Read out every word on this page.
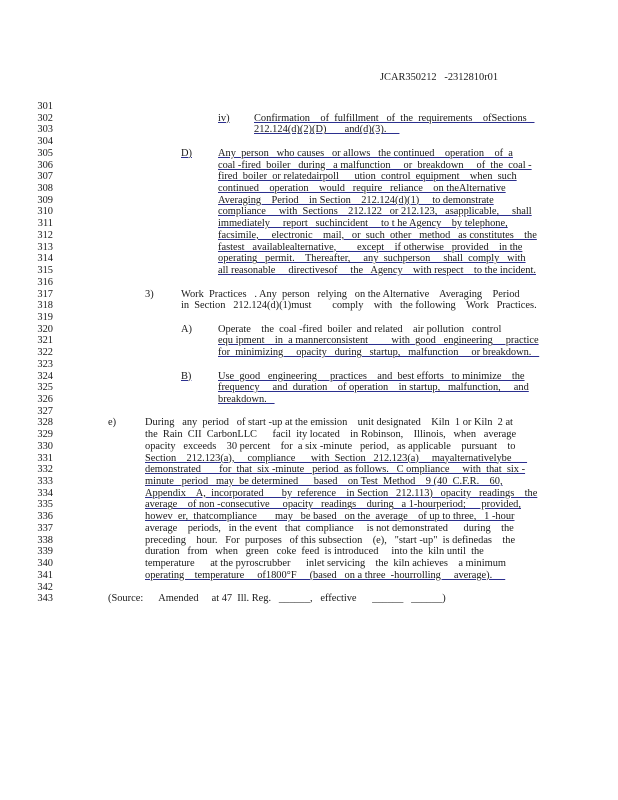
JCAR350212   -2312810r01
301
302	iv) Confirmation    of  fulfillment   of  the  requirements    ofSections
303	212.124(d)(2)(D)       and(d)(3).
304
305	D)	Any  person   who causes   or allows   the continued    operation    of  a
306	coal -fired  boiler   during   a malfunction     or  breakdown     of  the  coal -
307	fired  boiler  or relatedairpoll      ution  control  equipment    when  such
308	continued    operation    would   require   reliance    on theAlternative
309	Averaging    Period    in Section    212.124(d)(1)     to demonstrate
310	compliance     with  Sections    212.122   or 212.123,   asapplicable,     shall
311	immediately     report   suchincident     to t he Agency    by telephone,
312	facsimile,     electronic    mail,   or  such  other   method   as constitutes    the
313	fastest   availablealternative,        except    if otherwise   provided    in the
314	operating   permit.    Thereafter,     any  suchperson     shall  comply   with
315	all reasonable     directivesof     the   Agency    with respect    to the incident.
316
317	3)	Work  Practices   . Any  person   relying   on the Alternative    Averaging    Period
318	in  Section   212.124(d)(1)must        comply    with   the following    Work   Practices.
319
320	A)	Operate    the  coal -fired  boiler  and related    air pollution   control
321	equ ipment    in  a mannerconsistent         with  good   engineering     practice
322	for  minimizing     opacity   during   startup,   malfunction     or breakdown.
323
324	B)	Use  good   engineering     practices    and  best efforts   to minimize    the
325	frequency     and  duration    of operation    in startup,   malfunction,     and
326	breakdown.
327
328	e)	During   any  period   of start -up at the emission    unit designated    Kiln  1 or Kiln  2 at
329	the  Rain  CII  CarbonLLC      facil  ity located    in Robinson,    Illinois,   when   average
330	opacity   exceeds    30 percent    for  a six -minute   period,   as applicable    pursuant    to
331	Section    212.123(a),     compliance      with  Section   212.123(a)     mayalternativelybe
332	demonstrated       for  that  six -minute   period  as follows.   C ompliance     with  that  six -
333	minute   period   may  be determined      based    on Test  Method    9 (40  C.F.R.    60,
334	Appendix    A,  incorporated       by  reference    in Section   212.113)   opacity   readings    the
335	average    of non -consecutive     opacity   readings    during   a 1-hourperiod;      provided,
336	howev  er,  thatcompliance       may   be based   on the  average    of up to three,   1 -hour
337	average    periods,   in the event   that  compliance     is not demonstrated      during    the
338	preceding    hour.   For  purposes   of this subsection    (e),   "start -up"  is definedas    the
339	duration   from   when   green   coke  feed  is introduced     into the  kiln until  the
340	temperature      at the pyroscrubber      inlet servicing    the  kiln achieves    a minimum
341	operating    temperature     of1800°F     (based   on a three  -hourrolling     average).
342
343	(Source:      Amended     at 47  Ill. Reg.   ______,   effective      ______   ______)
